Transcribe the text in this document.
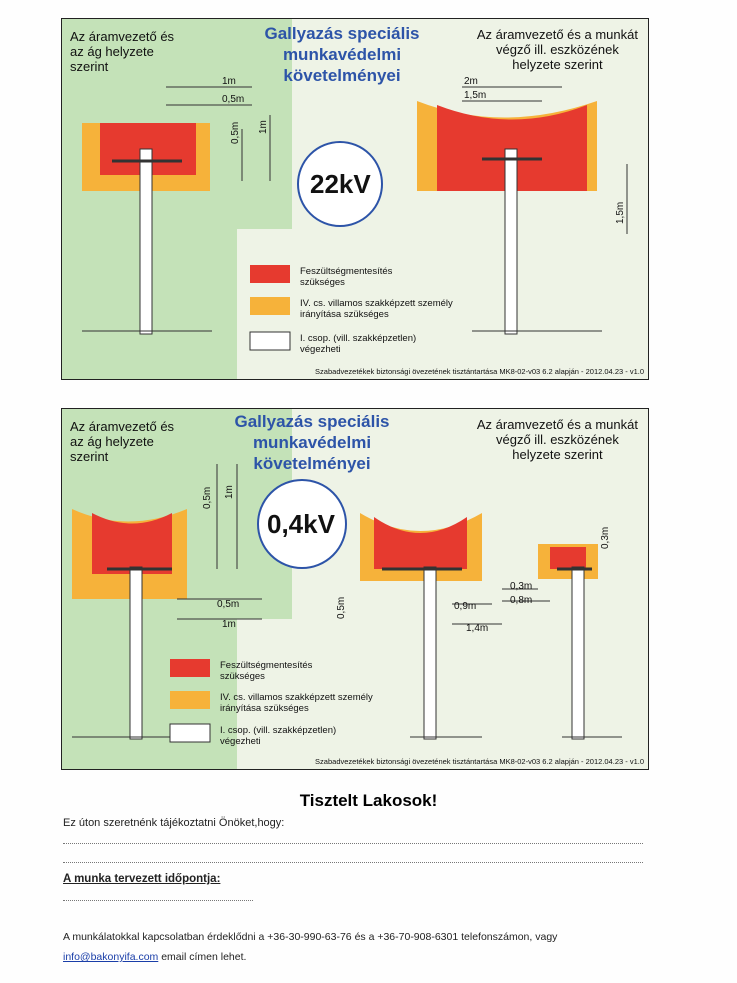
Az áramvezető és
az ág helyzete
szerint
Az áramvezető és a munkát
végző ill. eszközének
helyzete szerint
Gallyazás speciális
munkavédelmi
követelményei
22kV
1m
0,5m
0,5m 1m
2m
1,5m
1,5m
Feszültségmentesítés
szükséges
IV. cs. villamos szakképzett személy
irányítása szükséges
I. csop. (vill. szakképzetlen)
végezheti
Szabadvezetékek biztonsági övezetének tisztántartása MK8-02-v03 6.2 alapján - 2012.04.23 - v1.0
Az áramvezető és
az ág helyzete
szerint
Az áramvezető és a munkát
végző ill. eszközének
helyzete szerint
Gallyazás speciális
munkavédelmi
követelményei
0,4kV
0,5m 1m
0,5m
1m
0,5m	0,9m
1,4m
0,3m
0,8m
0,3m
Feszültségmentesítés
szükséges
IV. cs. villamos szakképzett személy
irányítása szükséges
I. csop. (vill. szakképzetlen)
végezheti
Szabadvezetékek biztonsági övezetének tisztántartása MK8-02-v03 6.2 alapján - 2012.04.23 - v1.0
Tisztelt Lakosok!
Ez úton szeretnénk tájékoztatni Önöket,hogy:
A munka tervezett időpontja:
A munkálatokkal kapcsolatban érdeklődni a +36-30-990-63-76 és a +36-70-908-6301 telefonszámon, vagy
info@bakonyifa.com email címen lehet.
